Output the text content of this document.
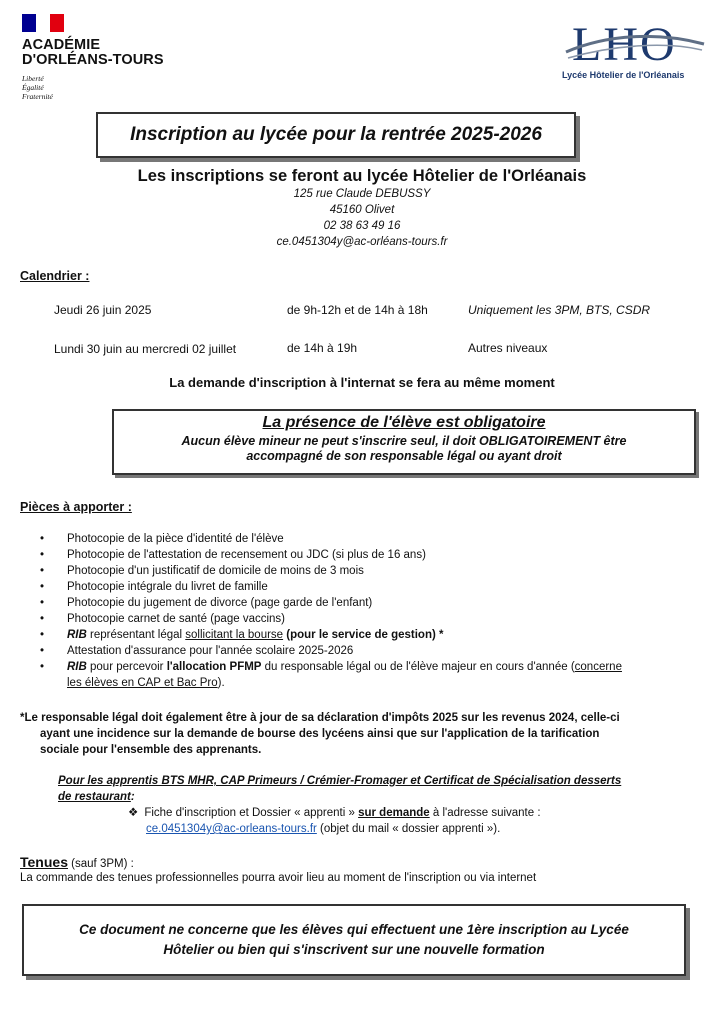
ACADÉMIE
D'ORLÉANS-TOURS
Liberté
Égalité
Fraternité
LHO
Lycée Hôtelier de l'Orléanais
Inscription au lycée pour la rentrée 2025-2026
Les inscriptions se feront au lycée Hôtelier de l'Orléanais
125 rue Claude DEBUSSY
45160 Olivet
02 38 63 49 16
ce.0451304y@ac-orléans-tours.fr
Calendrier :
Jeudi 26 juin 2025	de 9h-12h et de 14h à 18h	Uniquement les 3PM, BTS, CSDR
Lundi 30 juin au mercredi 02 juillet	de 14h à 19h	Autres niveaux
La demande d'inscription à l'internat se fera au même moment
La présence de l'élève est obligatoire
Aucun élève mineur ne peut s'inscrire seul, il doit OBLIGATOIREMENT être
accompagné de son responsable légal ou ayant droit
Pièces à apporter :
• Photocopie de la pièce d'identité de l'élève
• Photocopie de l'attestation de recensement ou JDC (si plus de 16 ans)
• Photocopie d'un justificatif de domicile de moins de 3 mois
• Photocopie intégrale du livret de famille
• Photocopie du jugement de divorce (page garde de l'enfant)
• Photocopie carnet de santé (page vaccins)
• RIB représentant légal sollicitant la bourse (pour le service de gestion) *
• Attestation d'assurance pour l'année scolaire 2025-2026
• RIB pour percevoir l'allocation PFMP du responsable légal ou de l'élève majeur en cours d'année (concerne
les élèves en CAP et Bac Pro).
*Le responsable légal doit également être à jour de sa déclaration d'impôts 2025 sur les revenus 2024, celle-ci
ayant une incidence sur la demande de bourse des lycéens ainsi que sur l'application de la tarification
sociale pour l'ensemble des apprenants.
Pour les apprentis BTS MHR, CAP Primeurs / Crémier-Fromager et Certificat de Spécialisation desserts
de restaurant:
❖ Fiche d'inscription et Dossier « apprenti » sur demande à l'adresse suivante :
ce.0451304y@ac-orleans-tours.fr (objet du mail « dossier apprenti »).
Tenues (sauf 3PM) :
La commande des tenues professionnelles pourra avoir lieu au moment de l'inscription ou via internet
Ce document ne concerne que les élèves qui effectuent une 1ère inscription au Lycée
Hôtelier ou bien qui s'inscrivent sur une nouvelle formation
